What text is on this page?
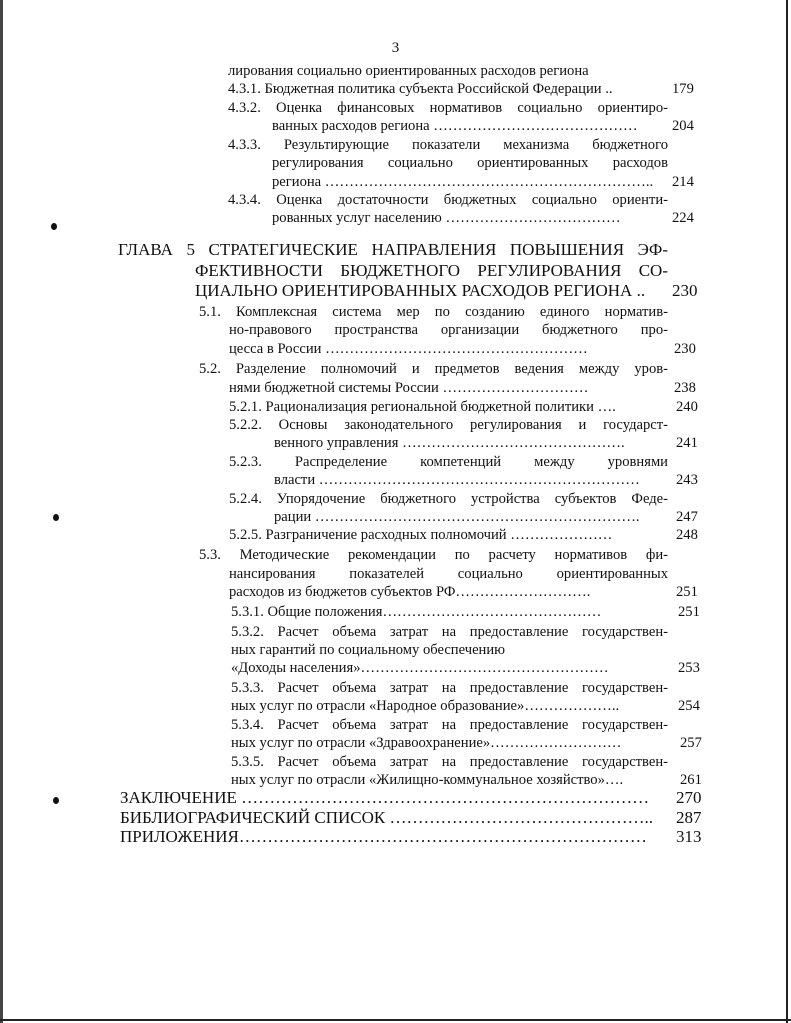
3
лирования социально ориентированных расходов региона
4.3.1. Бюджетная политика субъекта Российской Федерации ..	179
4.3.2. Оценка финансовых нормативов социально ориентиро-
ванных расходов региона ……………………………………	204
4.3.3. Результирующие показатели механизма бюджетного
регулирования социально ориентированных расходов
региона …………………………………………………………..	214
4.3.4. Оценка достаточности бюджетных социально ориенти-
рованных услуг населению ………………………………	224
ГЛАВА 5 СТРАТЕГИЧЕСКИЕ НАПРАВЛЕНИЯ ПОВЫШЕНИЯ ЭФ-
ФЕКТИВНОСТИ БЮДЖЕТНОГО РЕГУЛИРОВАНИЯ СО-
ЦИАЛЬНО ОРИЕНТИРОВАННЫХ РАСХОДОВ РЕГИОНА ..	230
5.1. Комплексная система мер по созданию единого норматив-
но-правового пространства организации бюджетного про-
цесса в России ………………………………………………	230
5.2. Разделение полномочий и предметов ведения между уров-
нями бюджетной системы России …………………………	238
5.2.1. Рационализация региональной бюджетной политики ….	240
5.2.2. Основы законодательного регулирования и государст-
венного управления ……………………………………….	241
5.2.3. Распределение компетенций между уровнями
власти …………………………………………………………	243
5.2.4. Упорядочение бюджетного устройства субъектов Феде-
рации ………………………………………………………….	247
5.2.5. Разграничение расходных полномочий …………………	248
5.3. Методические рекомендации по расчету нормативов фи-
нансирования показателей социально ориентированных
расходов из бюджетов субъектов РФ……………………….	251
5.3.1. Общие положения………………………………………	251
5.3.2. Расчет объема затрат на предоставление государствен-
ных гарантий по социальному обеспечению
«Доходы населения»……………………………………………	253
5.3.3. Расчет объема затрат на предоставление государствен-
ных услуг по отрасли «Народное образование»………………..	254
5.3.4. Расчет объема затрат на предоставление государствен-
ных услуг по отрасли «Здравоохранение»………………………	257
5.3.5. Расчет объема затрат на предоставление государствен-
ных услуг по отрасли «Жилищно-коммунальное хозяйство»….	261
ЗАКЛЮЧЕНИЕ ………………………………………………………………	270
БИБЛИОГРАФИЧЕСКИЙ СПИСОК ………………………………………..	287
ПРИЛОЖЕНИЯ………………………………………………………………	313
